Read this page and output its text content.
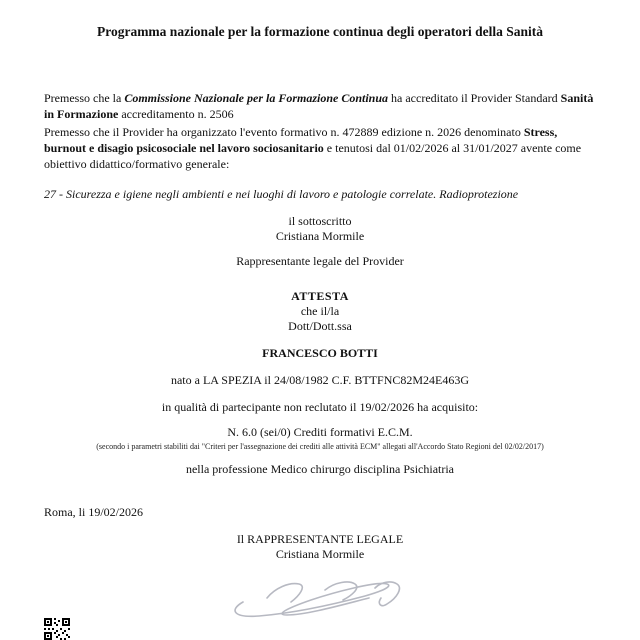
Programma nazionale per la formazione continua degli operatori della Sanità

Premesso che la Commissione Nazionale per la Formazione Continua ha accreditato il Provider Standard Sanità in Formazione accreditamento n. 2506

Premesso che il Provider ha organizzato l'evento formativo n. 472889 edizione n. 2026 denominato Stress, burnout e disagio psicosociale nel lavoro sociosanitario e tenutosi dal 01/02/2026 al 31/01/2027 avente come obiettivo didattico/formativo generale:

27 - Sicurezza e igiene negli ambienti e nei luoghi di lavoro e patologie correlate. Radioprotezione

il sottoscritto

Cristiana Mormile

Rappresentante legale del Provider

ATTESTA

che il/la

Dott/Dott.ssa

FRANCESCO BOTTI

nato a LA SPEZIA il 24/08/1982 C.F. BTTFNC82M24E463G

in qualità di partecipante non reclutato il 19/02/2026 ha acquisito:

N. 6.0 (sei/0) Crediti formativi E.C.M.

(secondo i parametri stabiliti dai "Criteri per l'assegnazione dei crediti alle attività ECM" allegati all'Accordo Stato Regioni del 02/02/2017)

nella professione Medico chirurgo disciplina Psichiatria

Roma, li 19/02/2026

Il RAPPRESENTANTE LEGALE

Cristiana Mormile
